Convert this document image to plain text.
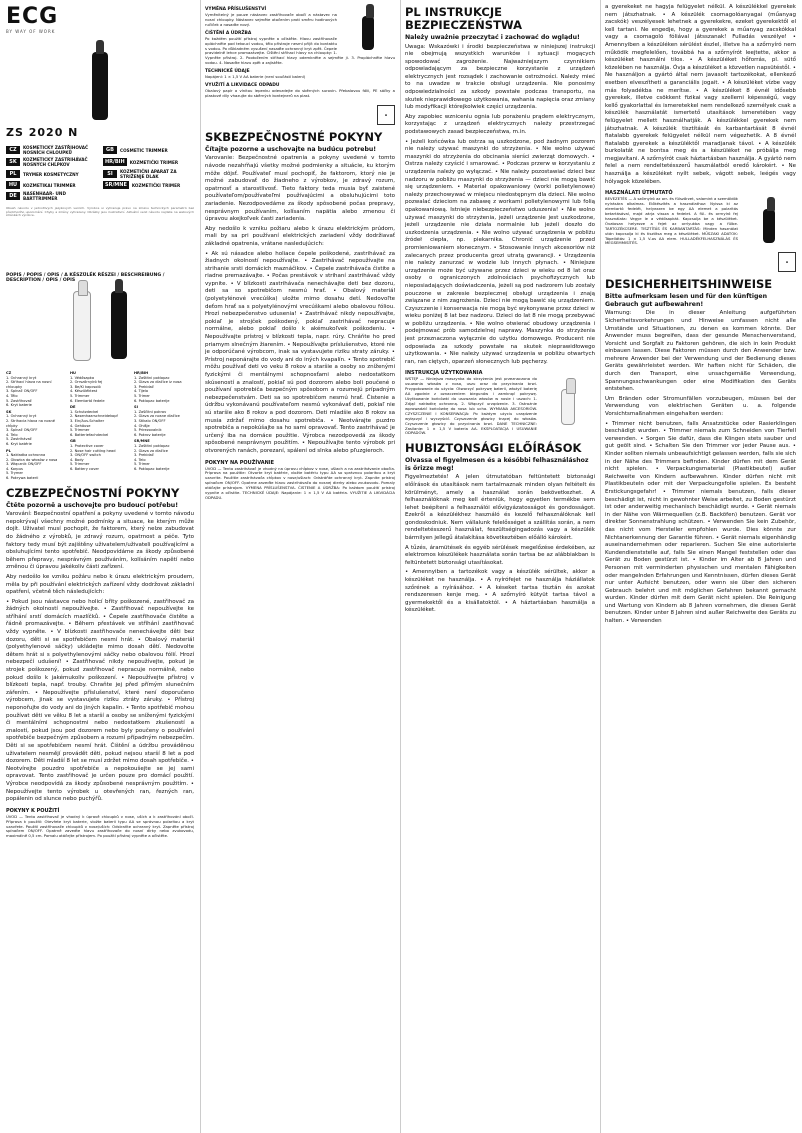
ECG
BY WAY OF WORK
ZS 2020 N
CZ	KOSMETICKÝ ZASTŘIHOVAČ NOSNÍCH CHLOUPKŮ	GB	COSMETIC TRIMMER
SK	KOZMETICKÝ ZASTRIHÁVAČ NOSNÝCH CHĹPKOV	HR/BIH	KOZMETIČKI TRIMER
PL	TRYMER KOSMETYCZNY	SI	KOZMETIČNI APARAT ZA STRIŽENJE DLAK
HU	KOZMETIKAI TRIMMER	SR/MNE	KOZMETIČKI TRIMER
DE	NASENHAAR- UND BARTTRIMMER
Obsah návodu v jednotlivých jazykových verzích. Výrobce si vyhrazuje právo na změnu technických parametrů bez předchozího upozornění. Chyby a změny vyhrazeny. Obrázky jsou ilustrativní. Aktuální verzi návodu najdete na webových stránkách výrobce.
POPIS / POPIS / OPIS / A KÉSZÜLÉK RÉSZEI / BESCHREIBUNG / DESCRIPTION / OPIS / OPIS
CZ
1. Ochranný kryt
2. Střihací hlava na nosní chloupky
3. Spínač ON/OFF
4. Tělo
5. Zastřihovač
6. Kryt baterie
SK
1. Ochranný kryt
2. Strihacia hlava na nosné chĺpky
3. Spínač ON/OFF
4. Telo
5. Zastrihávač
6. Kryt batérie
PL
1. Nakładka ochronna
2. Głowica do włosów z nosa
3. Włącznik ON/OFF
4. Korpus
5. Trymer
6. Pokrywa baterii
HU
1. Védősapka
2. Orrszőrnyíró fej
3. Be/Ki kapcsoló
4. Készüléktest
5. Trimmer
6. Elemtartó fedele
DE
1. Schutzdeckel
2. Nasenhaarschneidekopf
3. Ein/Aus-Schalter
4. Gehäuse
5. Trimmer
6. Batteriefachdeckel
GB
1. Protective cover
2. Nose hair cutting head
3. ON/OFF switch
4. Body
5. Trimmer
6. Battery cover
HR/BIH
1. Zaštitni poklopac
2. Glava za dlačice iz nosa
3. Prekidač
4. Tijelo
5. Trimer
6. Poklopac baterije
SI
1. Zaščitni pokrov
2. Glava za nosne dlačice
3. Stikalo ON/OFF
4. Ohišje
5. Prirezovalnik
6. Pokrov baterije
SR/MNE
1. Zaštitni poklopac
2. Glava za dlačice
3. Prekidač
4. Telo
5. Trimer
6. Poklopac baterije
CZBEZPEČNOSTNÍ POKYNY
Čtěte pozorně a uschovejte pro budoucí potřebu!

Varování: Bezpečnostní opatření a pokyny uvedené v tomto návodu nepokrývají všechny možné podmínky a situace, ke kterým může dojít. Uživatel musí pochopit, že faktorem, který nelze zabudovat do žádného z výrobků, je zdravý rozum, opatrnost a péče. Tyto faktory tedy musí být zajištěny uživatelem/uživateli používajícími a obsluhujícími tento spotřebič. Neodpovídáme za škody způsobené během přepravy, nesprávným používáním, kolísáním napětí nebo změnou či úpravou jakékoliv části zařízení.

Aby nedošlo ke vzniku požáru nebo k úrazu elektrickým proudem, měla by při používání elektrických zařízení vždy dodržovat základní opatření, včetně těch následujících:

• Pokud jsou nástavce nebo holicí břity poškozené, zastřihovač za žádných okolností nepoužívejte. • Zastřihovač nepoužívejte ke stříhání srstí domácích mazlíčků. • Čepele zastřihovače čistěte a řádně promazávejte. • Během přestávek ve stříhání zastřihovač vždy vypněte. • V blízkosti zastřihovače nenechávejte děti bez dozoru, děti si se spotřebičem nesmí hrát. • Obalový materiál (polyethylenové sáčky) ukládejte mimo dosah dětí. Nedovolte dětem hrát si s polyethylenovými sáčky nebo obalovou fólií. Hrozí nebezpečí udušení! • Zastřihovač nikdy nepoužívejte, pokud je strojek poškozený, pokud zastřihovač nepracuje normálně, nebo pokud došlo k jakémukoliv poškození. • Nepoužívejte přístroj v blízkosti tepla, např. trouby. Chraňte jej před přímým slunečním zářením. • Nepoužívejte příslušenství, které není doporučeno výrobcem, jinak se vystavujete riziku ztráty záruky. • Přístroj neponořujte do vody ani do jiných kapalin. • Tento spotřebič mohou používat děti ve věku 8 let a starší a osoby se sníženými fyzickými či mentálními schopnostmi nebo nedostatkem zkušeností a znalostí, pokud jsou pod dozorem nebo byly poučeny o používání spotřebiče bezpečným způsobem a rozumí případným nebezpečím. Děti si se spotřebičem nesmí hrát. Čištění a údržbu prováděnou uživatelem nesmějí provádět děti, pokud nejsou starší 8 let a pod dozorem. Děti mladší 8 let se musí zdržet mimo dosah spotřebiče. • Neotvírejte pouzdro spotřebiče a nepokoušejte se jej sami opravovat. Tento zastřihovač je určen pouze pro domácí použití. Výrobce neodpovídá za škody způsobené nesprávným použitím. • Nepoužívejte tento výrobek u otevřených ran, řezných ran, popálenin od slunce nebo puchýřů.

POKYNY K POUŽITÍ
ÚVOD — Tento zastřihovač je vhodný k úpravě chloupků v nose, uších a k zastřihování obočí. Příprava k použití: Otevřete kryt baterie, vložte baterii typu AA se správnou polaritou a kryt uzavřete. Použití zastřihovače chloupků v nose/uších: Odstraňte ochranný kryt. Zapněte přístroj spínačem ON/OFF. Opatrně zaveďte hlavu zastřihovače do nosní dírky nebo zvukovodu, maximálně 0,5 cm. Pomalu otáčejte přístrojem. Po použití přístroj vypněte a očistěte.
VÝMĚNA PŘÍSLUŠENSTVÍ
Vyměnitelný je pouze nástavec zastřihovače obočí a nástavec na nosní chloupky. Nástavec sejměte otočením proti směru hodinových ručiček a nasaďte nový.
ČIŠTĚNÍ A ÚDRŽBA
Po každém použití přístroj vypněte a očistěte. Hlavu zastřihovače opláchněte pod tekoucí vodou, tělo přístroje nesmí přijít do kontaktu s vodou. Po důkladném vysušení nasaďte ochranný kryt zpět. Čepele pravidelně lehce promazávejte. Čištění střihací hlavy na chloupky: 1. Vypněte přístroj. 2. Pootočením střihací hlavy odemkněte a sejměte ji. 3. Propláchněte hlavu vodou. 4. Nasaďte hlavu zpět a zajistěte.
TECHNICKÉ ÚDAJE
Napájení: 1 × 1,5 V AA baterie (není součástí balení)
VYUŽITÍ A LIKVIDACE ODPADU
Obalový papír a vlnitou lepenku odevzdejte do sběrných surovin. Přebalovou fólii, PE sáčky a plastové díly vhazujte do sběrných kontejnerů na plast.
⊠
SKBEZPEČNOSTNÉ POKYNY
Čítajte pozorne a uschovajte na budúcu potrebu!

Varovanie: Bezpečnostné opatrenia a pokyny uvedené v tomto návode nezahŕňajú všetky možné podmienky a situácie, ku ktorým môže dôjsť. Používateľ musí pochopiť, že faktorom, ktorý nie je možné zabudovať do žiadneho z výrobkov, je zdravý rozum, opatrnosť a starostlivosť. Tieto faktory teda musia byť zaistené používateľom/používateľmi používajúcimi a obsluhujúcimi toto zariadenie. Nezodpovedáme za škody spôsobené počas prepravy, nesprávnym používaním, kolísaním napätia alebo zmenou či úpravou akejkoľvek časti zariadenia.

Aby nedošlo k vzniku požiaru alebo k úrazu elektrickým prúdom, mali by sa pri používaní elektrických zariadení vždy dodržiavať základné opatrenia, vrátane nasledujúcich:

• Ak sú násadce alebo holiace čepele poškodené, zastrihávač za žiadnych okolností nepoužívajte. • Zastrihávač nepoužívajte na strihanie srsti domácich maznáčikov. • Čepele zastrihávača čistite a riadne premazávajte. • Počas prestávok v strihaní zastrihávač vždy vypnite. • V blízkosti zastrihávača nenechávajte deti bez dozoru, deti sa so spotrebičom nesmú hrať. • Obalový materiál (polyetylénové vrecúška) uložte mimo dosahu detí. Nedovoľte deťom hrať sa s polyetylénovými vrecúškami alebo obalovou fóliou. Hrozí nebezpečenstvo udusenia! • Zastrihávač nikdy nepoužívajte, pokiaľ je strojček poškodený, pokiaľ zastrihávač nepracuje normálne, alebo pokiaľ došlo k akémukoľvek poškodeniu. • Nepoužívajte prístroj v blízkosti tepla, napr. rúry. Chráňte ho pred priamym slnečným žiarením. • Nepoužívajte príslušenstvo, ktoré nie je odporúčané výrobcom, inak sa vystavujete riziku straty záruky. • Prístroj neponárajte do vody ani do iných kvapalín. • Tento spotrebič môžu používať deti vo veku 8 rokov a staršie a osoby so zníženými fyzickými či mentálnymi schopnosťami alebo nedostatkom skúseností a znalostí, pokiaľ sú pod dozorom alebo boli poučené o používaní spotrebiča bezpečným spôsobom a rozumejú prípadným nebezpečenstvám. Deti sa so spotrebičom nesmú hrať. Čistenie a údržbu vykonávanú používateľom nesmú vykonávať deti, pokiaľ nie sú staršie ako 8 rokov a pod dozorom. Deti mladšie ako 8 rokov sa musia zdržať mimo dosahu spotrebiča. • Neotvárajte puzdro spotrebiča a nepokúšajte sa ho sami opravovať. Tento zastrihávač je určený iba na domáce použitie. Výrobca nezodpovedá za škody spôsobené nesprávnym použitím. • Nepoužívajte tento výrobok pri otvorených ranách, porezaní, spálení od slnka alebo pľuzgieroch.

POKYNY NA POUŽÍVANIE
ÚVOD — Tento zastrihávač je vhodný na úpravu chĺpkov v nose, ušiach a na zastrihávanie obočia. Príprava na použitie: Otvorte kryt batérie, vložte batériu typu AA so správnou polaritou a kryt uzavrite. Použitie zastrihávača chĺpkov v nose/ušiach: Odstráňte ochranný kryt. Zapnite prístroj spínačom ON/OFF. Opatrne zaveďte hlavu zastrihávača do nosnej dierky alebo zvukovodu. Pomaly otáčajte prístrojom. VÝMENA PRÍSLUŠENSTVA. ČISTENIE A ÚDRŽBA: Po každom použití prístroj vypnite a očistite. TECHNICKÉ ÚDAJE: Napájanie: 1 × 1,5 V AA batéria. VYUŽITIE A LIKVIDÁCIA ODPADU.
PL INSTRUKCJE BEZPIECZEŃSTWA
Należy uważnie przeczytać i zachować do wglądu!

Uwaga: Wskazówki i środki bezpieczeństwa w niniejszej instrukcji nie obejmują wszystkich warunków i sytuacji mogących spowodować zagrożenie. Najważniejszym czynnikiem odpowiadającym za bezpieczne korzystanie z urządzeń elektrycznych jest rozsądek i zachowanie ostrożności. Należy mieć to na uwadze w trakcie obsługi urządzenia. Nie ponosimy odpowiedzialności za szkody powstałe podczas transportu, na skutek nieprawidłowego użytkowania, wahania napięcia oraz zmiany lub modyfikacji którejkolwiek części urządzenia.

Aby zapobiec wzniceniu ognia lub porażeniu prądem elektrycznym, korzystając z urządzeń elektrycznych należy przestrzegać podstawowych zasad bezpieczeństwa, m.in.

• Jeżeli końcówka lub ostrza są uszkodzone, pod żadnym pozorem nie należy używać maszynki do strzyżenia. • Nie wolno używać maszynki do strzyżenia do obcinania sierści zwierząt domowych. • Ostrza należy czyścić i smarować. • Podczas przerw w korzystaniu z urządzenia należy go wyłączać. • Nie należy pozostawiać dzieci bez nadzoru w pobliżu maszynki do strzyżenia — dzieci nie mogą bawić się urządzeniem. • Materiał opakowaniowy (worki polietylenowe) należy przechowywać w miejscu niedostępnym dla dzieci. Nie wolno pozwalać dzieciom na zabawę z workami polietylenowymi lub folią opakowaniową. Istnieje niebezpieczeństwo uduszenia! • Nie wolno używać maszynki do strzyżenia, jeżeli urządzenie jest uszkodzone, jeżeli urządzenie nie działa normalnie lub jeżeli doszło do uszkodzenia urządzenia. • Nie wolno używać urządzenia w pobliżu źródeł ciepła, np. piekarnika. Chronić urządzenie przed promieniowaniem słonecznym. • Stosowanie innych akcesoriów niż zalecanych przez producenta grozi utratą gwarancji. • Urządzenia nie należy zanurzać w wodzie lub innych płynach. • Niniejsze urządzenie może być używane przez dzieci w wieku od 8 lat oraz osoby o ograniczonych zdolnościach psychofizycznych lub nieposiadających doświadczenia, jeżeli są pod nadzorem lub zostały pouczone w zakresie bezpiecznej obsługi urządzenia i znają związane z nim zagrożenia. Dzieci nie mogą bawić się urządzeniem. Czyszczenie i konserwacja nie mogą być wykonywane przez dzieci w wieku poniżej 8 lat bez nadzoru. Dzieci do lat 8 nie mogą przebywać w pobliżu urządzenia. • Nie wolno otwierać obudowy urządzenia i podejmować prób samodzielnej naprawy. Maszynka do strzyżenia jest przeznaczona wyłącznie do użytku domowego. Producent nie odpowiada za szkody powstałe na skutek nieprawidłowego użytkowania. • Nie należy używać urządzenia w pobliżu otwartych ran, ran ciętych, oparzeń słonecznych lub pęcherzy.

INSTRUKCJA UŻYTKOWANIA
WSTĘP — Niniejsza maszynka do strzyżenia jest przeznaczona do usuwania włosów z nosa, uszu oraz do przycinania brwi. Przygotowanie do użycia: Otworzyć pokrywę baterii, włożyć baterię AA zgodnie z oznaczeniem biegunów i zamknąć pokrywę. Użytkowanie końcówki do usuwania włosów w nosie i uszach: 1. Zdjąć nakładkę ochronną. 2. Włączyć urządzenie. 3. Ostrożnie wprowadzić końcówkę do nosa lub ucha. WYMIANA AKCESORIÓW. CZYSZCZENIE I KONSERWACJA: Po każdym użyciu urządzenie wyłączyć i wyczyścić. Czyszczenie głowicy tnącej do włosów. Czyszczenie głowicy do przycinania brwi. DANE TECHNICZNE: Zasilanie: 1 × 1,5 V bateria AA. EKSPLOATACJA I USUWANIE ODPADÓW.
HUBIZTONSÁGI ELŐÍRÁSOK
Olvassa el figyelmesen és a későbbi felhasználáshoz is őrizze meg!

Figyelmeztetés! A jelen útmutatóban feltüntetett biztonsági előírások és utasítások nem tartalmaznak minden olyan feltételt és körülményt, amely a használat során bekövetkezhet. A felhasználóknak meg kell érteniük, hogy egyetlen termékbe sem lehet beépíteni a felhasználói elővigyázatosságot és gondosságot. Ezekről a készülékhez használó és kezelő felhasználóknak kell gondoskodniuk. Nem vállalunk felelősséget a szállítás során, a nem rendeltetésszerű használat, feszültségingadozás vagy a készülék bármilyen jellegű átalakítása következtében előálló károkért.

A tűzés, áramütések és egyéb sérülések megelőzése érdekében, az elektromos készülékek használata során tartsa be az alábbiakban is feltüntetett biztonsági utasításokat.

• Amennyiben a tartozékok vagy a készülék sérültek, akkor a készüléket ne használja. • A nyírófejet ne használja háziállatok szőrének a nyírásához. • A késeket tartsa tisztán és azokat rendszeresen kenje meg. • A szőrnyíró kütyüt tartsa távol a gyermekektől és a kisállatoktól. • A háztartásban használja a készüléket.

a gyerekeket ne hagyja felügyelet nélkül. A készülékkel gyerekek nem játszhatnak. • A készülék csomagolóanyagai (műanyag zacskók) veszélyesek lehetnek a gyerekekre, ezeket gyerekektől el kell tartani. Ne engedje, hogy a gyerekek a műanyag zacskókkal vagy a csomagoló fóliával játsszanak! Fulladás veszélye! • Amennyiben a készüléken sérülést észlel, illetve ha a szőrnyíró nem működik megfelelően, továbbá ha a szőrnyírót leejtette, akkor a készüléket használni tilos. • A készüléket hőforrás, pl. sütő közelében ne használja. Óvja a készüléket a közvetlen napsütéstől. • Ne használjon a gyártó által nem javasolt tartozékokat, ellenkező esetben elveszítheti a garanciális jogait. • A készüléket vízbe vagy más folyadékba ne merítse. • A készüléket 8 évnél idősebb gyerekek, illetve csökkent fizikai vagy szellemi képességű, vagy kellő gyakorlattal és ismeretekkel nem rendelkező személyek csak a készülék használatát ismertető utasítások ismeretében vagy felügyelet mellett használhatják. A készülékkel gyerekek nem játszhatnak. A készülék tisztítását és karbantartását 8 évnél fiatalabb gyerekek felügyelet nélkül nem végezhetik. A 8 évnél fiatalabb gyerekek a készüléktől maradjanak távol. • A készülék burkolatát ne bontsa meg és a készüléket ne próbálja meg megjavítani. A szőrnyírót csak háztartásban használja. A gyártó nem felel a nem rendeltetésszerű használatból eredő károkért. • Ne használja a készüléket nyílt sebek, vágott sebek, leégés vagy hólyagok közelében.
HASZNÁLATI ÚTMUTATÓ
BEVEZETÉS — A szőrnyíró az orr- és fülszőrzet, valamint a szemöldök nyírására alkalmas. Előkészítés a használathoz: Nyissa ki az elemtartó fedelét, helyezzen be egy AA elemet a polaritás betartásával, majd zárja vissza a fedelet. A fül- és orrnyíró fej használata: Vegye le a védősapkát. Kapcsolja be a készüléket. Óvatosan helyezze a fejet az orrlyukba vagy a fülbe. TARTOZÉKCSERE. TISZTÍTÁS ÉS KARBANTARTÁS: Minden használat után kapcsolja ki és tisztítsa meg a készüléket. MŰSZAKI ADATOK: Tápellátás: 1 × 1,5 V-os AA elem. HULLADÉKFELHASZNÁLÁS ÉS MEGSEMMISÍTÉS.
⊠
DESICHERHEITSHINWEISE
Bitte aufmerksam lesen und für den künftigen Gebrauch gut aufbewahren!

Warnung: Die in dieser Anleitung aufgeführten Sicherheitsvorkehrungen und Hinweise umfassen nicht alle Umstände und Situationen, zu denen es kommen könnte. Der Anwender muss begreifen, dass der gesunde Menschenverstand, Vorsicht und Sorgfalt zu Faktoren gehören, die sich in kein Produkt einbauen lassen. Diese Faktoren müssen durch den Anwender bzw. mehrere Anwender bei der Verwendung und der Bedienung dieses Geräts gewährleistet werden. Wir haften nicht für Schäden, die durch den Transport, eine unsachgemäße Verwendung, Spannungsschwankungen oder eine Modifikation des Geräts entstehen.

Um Bränden oder Stromunfällen vorzubeugen, müssen bei der Verwendung von elektrischen Geräten u. a. folgende Vorsichtsmaßnahmen eingehalten werden:

• Trimmer nicht benutzen, falls Ansatzstücke oder Rasierklingen beschädigt wurden. • Trimmer niemals zum Schneiden von Tierfell verwenden. • Sorgen Sie dafür, dass die Klingen stets sauber und gut geölt sind. • Schalten Sie den Trimmer vor jeder Pause aus. • Kinder sollten niemals unbeaufsichtigt gelassen werden, falls sie sich in der Nähe des Trimmers befinden. Kinder dürfen mit dem Gerät nicht spielen. • Verpackungsmaterial (Plastikbeutel) außer Reichweite von Kindern aufbewahren. Kinder dürfen nicht mit Plastikbeuteln oder mit der Verpackungsfolie spielen. Es besteht Erstickungsgefahr! • Trimmer niemals benutzen, falls dieser beschädigt ist, nicht in gewohnter Weise arbeitet, zu Boden gestürzt ist oder anderweitig mechanisch beschädigt wurde. • Gerät niemals in der Nähe von Wärmequellen (z.B. Backöfen) benutzen. Gerät vor direkter Sonnenstrahlung schützen. • Verwenden Sie kein Zubehör, das nicht vom Hersteller empfohlen wurde. Dies könnte zur Nichtanerkennung der Garantie führen. • Gerät niemals eigenhändig auseinandernehmen oder reparieren. Suchen Sie eine autorisierte Kundendienststelle auf, falls Sie einen Mangel feststellen oder das Gerät zu Boden gestürzt ist. • Kinder im Alter ab 8 Jahren und Personen mit verminderten physischen und mentalen Fähigkeiten oder mangelnden Erfahrungen und Kenntnissen, dürfen dieses Gerät nur unter Aufsicht benutzen, oder wenn sie über den sicheren Gebrauch belehrt und mit möglichen Gefahren bekannt gemacht wurden. Kinder dürfen mit dem Gerät nicht spielen. Die Reinigung und Wartung von Kindern ab 8 Jahren vornehmen, die dieses Gerät benutzen. Kinder unter 8 Jahren sind außer Reichweite des Geräts zu halten. • Verwenden
